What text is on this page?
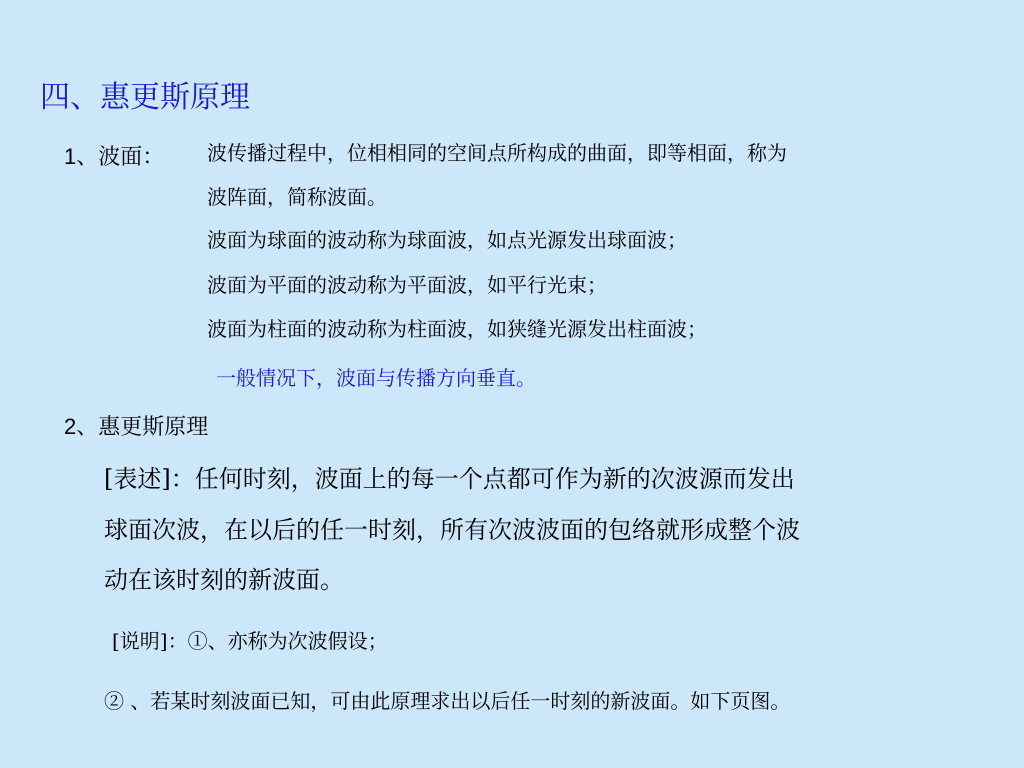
四、惠更斯原理
1、波面： 波传播过程中，位相相同的空间点所构成的曲面，即等相面，称为
波阵面，简称波面。
波面为球面的波动称为球面波，如点光源发出球面波；
波面为平面的波动称为平面波，如平行光束；
波面为柱面的波动称为柱面波，如狭缝光源发出柱面波；
一般情况下，波面与传播方向垂直。
2、惠更斯原理
[表述]：任何时刻，波面上的每一个点都可作为新的次波源而发出
球面次波，在以后的任一时刻，所有次波波面的包络就形成整个波
动在该时刻的新波面。
[说明]：①、亦称为次波假设；
② 、若某时刻波面已知，可由此原理求出以后任一时刻的新波面。如下页图。
